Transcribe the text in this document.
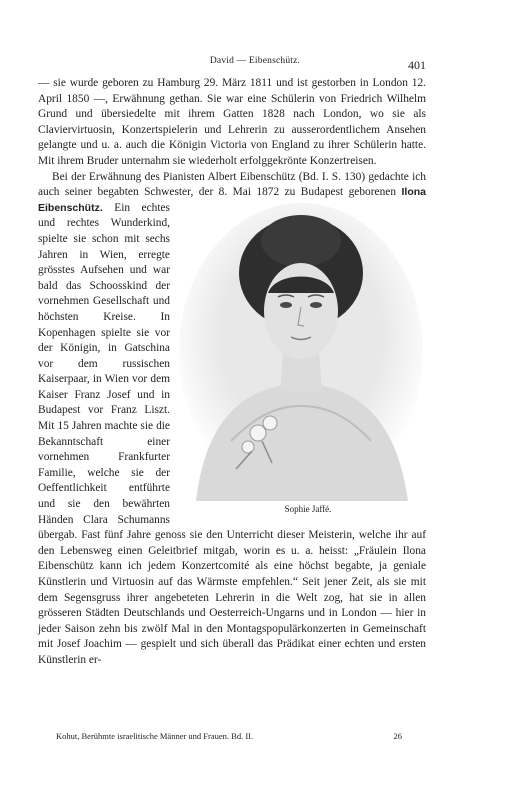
David — Eibenschütz.	401

— sie wurde geboren zu Hamburg 29. März 1811 und ist gestorben in London 12. April 1850 —, Erwähnung gethan. Sie war eine Schülerin von Friedrich Wilhelm Grund und übersiedelte mit ihrem Gatten 1828 nach London, wo sie als Claviervirtuosin, Konzertspielerin und Lehrerin zu ausserordentlichem Ansehen gelangte und u. a. auch die Königin Victoria von England zu ihrer Schülerin hatte. Mit ihrem Bruder unternahm sie wiederholt erfolggekrönte Konzertreisen.

Bei der Erwähnung des Pianisten Albert Eibenschütz (Bd. I. S. 130) gedachte ich auch seiner begabten Schwester, der 8. Mai 1872 zu Budapest geborenen
Sophie Jaffé.
Ilona Eibenschütz. Ein echtes und rechtes Wunderkind, spielte sie schon mit sechs Jahren in Wien, erregte grösstes Aufsehen und war bald das Schoosskind der vornehmen Gesellschaft und höchsten Kreise. In Kopenhagen spielte sie vor der Königin, in Gatschina vor dem russischen Kaiserpaar, in Wien vor dem Kaiser Franz Josef und in Budapest vor Franz Liszt. Mit 15 Jahren machte sie die Bekanntschaft einer vornehmen Frankfurter Familie, welche sie der Oeffentlichkeit entführte und sie den bewährten Händen Clara Schumanns übergab. Fast fünf Jahre genoss sie den Unterricht dieser Meisterin, welche ihr auf den Lebensweg einen Geleitbrief mitgab, worin es u. a. heisst: „Fräulein Ilona Eibenschütz kann ich jedem Konzertcomité als eine höchst begabte, ja geniale Künstlerin und Virtuosin auf das Wärmste empfehlen.“ Seit jener Zeit, als sie mit dem Segensgruss ihrer angebeteten Lehrerin in die Welt zog, hat sie in allen grösseren Städten Deutschlands und Oesterreich-Ungarns und in London — hier in jeder Saison zehn bis zwölf Mal in den Montagspopulärkonzerten in Gemeinschaft mit Josef Joachim — gespielt und sich überall das Prädikat einer echten und ersten Künstlerin er-

Kohut, Berühmte israelitische Männer und Frauen. Bd. II.	26
